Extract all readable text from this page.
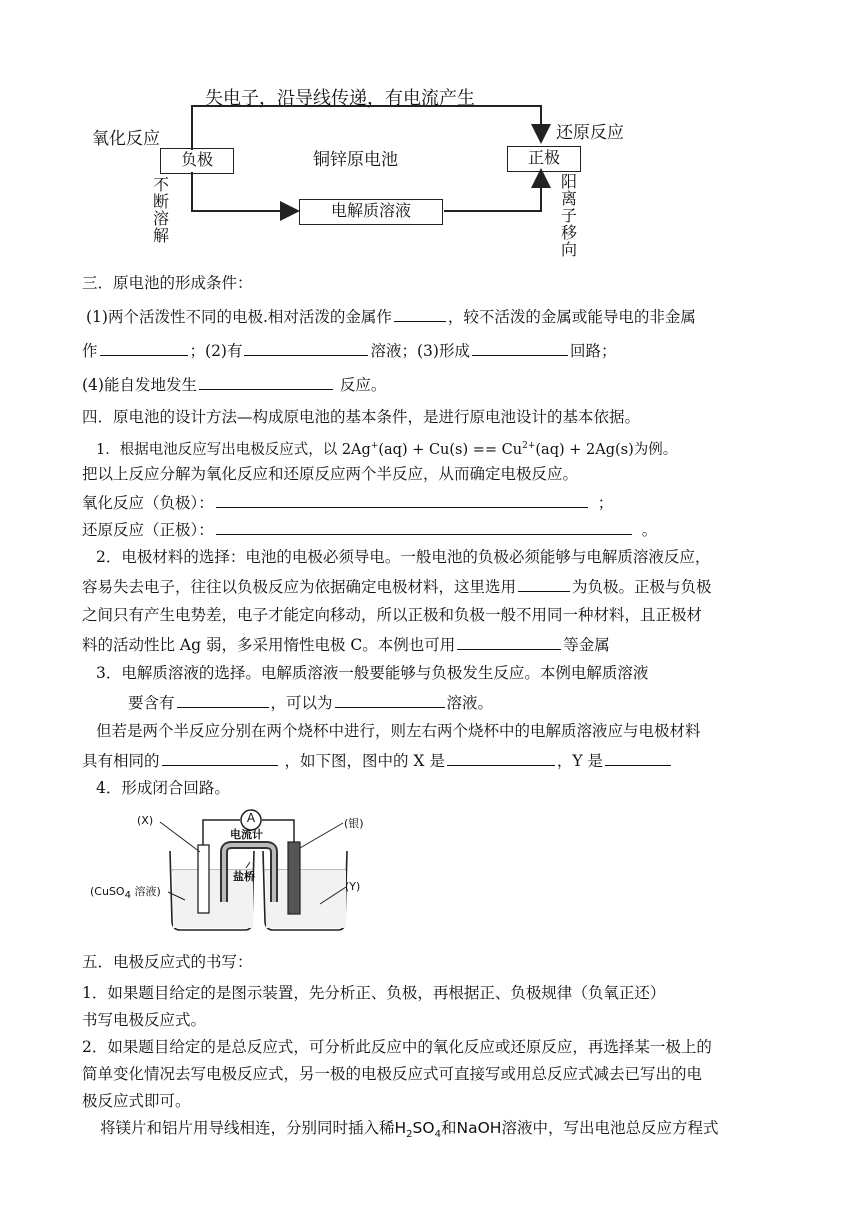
失电子，沿导线传递，有电流产生
氧化反应	还原反应
负极	铜锌原电池	正极
电解质溶液
不断溶解
阳离子移向
三．原电池的形成条件：
(1)两个活泼性不同的电极.相对活泼的金属作	，较不活泼的金属或能导电的非金属
作	；(2)有	溶液；(3)形成	回路；
(4)能自发地发生	反应。
四．原电池的设计方法—构成原电池的基本条件，是进行原电池设计的基本依据。
1．根据电池反应写出电极反应式，以 $2Ag^+(aq) + Cu(s) == Cu^{2+}(aq) + 2Ag(s)$为例。
把以上反应分解为氧化反应和还原反应两个半反应，从而确定电极反应。
氧化反应（负极）：	；
还原反应（正极）：	。
2．电极材料的选择：电池的电极必须导电。一般电池的负极必须能够与电解质溶液反应，
容易失去电子，往往以负极反应为依据确定电极材料，这里选用	为负极。正极与负极
之间只有产生电势差，电子才能定向移动，所以正极和负极一般不用同一种材料，且正极材
料的活动性比 Ag 弱，多采用惰性电极 C。本例也可用	等金属
3．电解质溶液的选择。电解质溶液一般要能够与负极发生反应。本例电解质溶液
要含有	，可以为	溶液。
但若是两个半反应分别在两个烧杯中进行，则左右两个烧杯中的电解质溶液应与电极材料
具有相同的	，如下图，图中的 X 是	，Y 是
4．形成闭合回路。
A
(X)	(银)
电流计
盐桥
(CuSO4 溶液)	(Y)
五．电极反应式的书写：
1．如果题目给定的是图示装置，先分析正、负极，再根据正、负极规律（负氧正还）
书写电极反应式。
2．如果题目给定的是总反应式，可分析此反应中的氧化反应或还原反应，再选择某一极上的
简单变化情况去写电极反应式，另一极的电极反应式可直接写或用总反应式减去已写出的电
极反应式即可。
将镁片和铝片用导线相连，分别同时插入稀$H_2SO_4$和NaOH溶液中，写出电池总反应方程式
